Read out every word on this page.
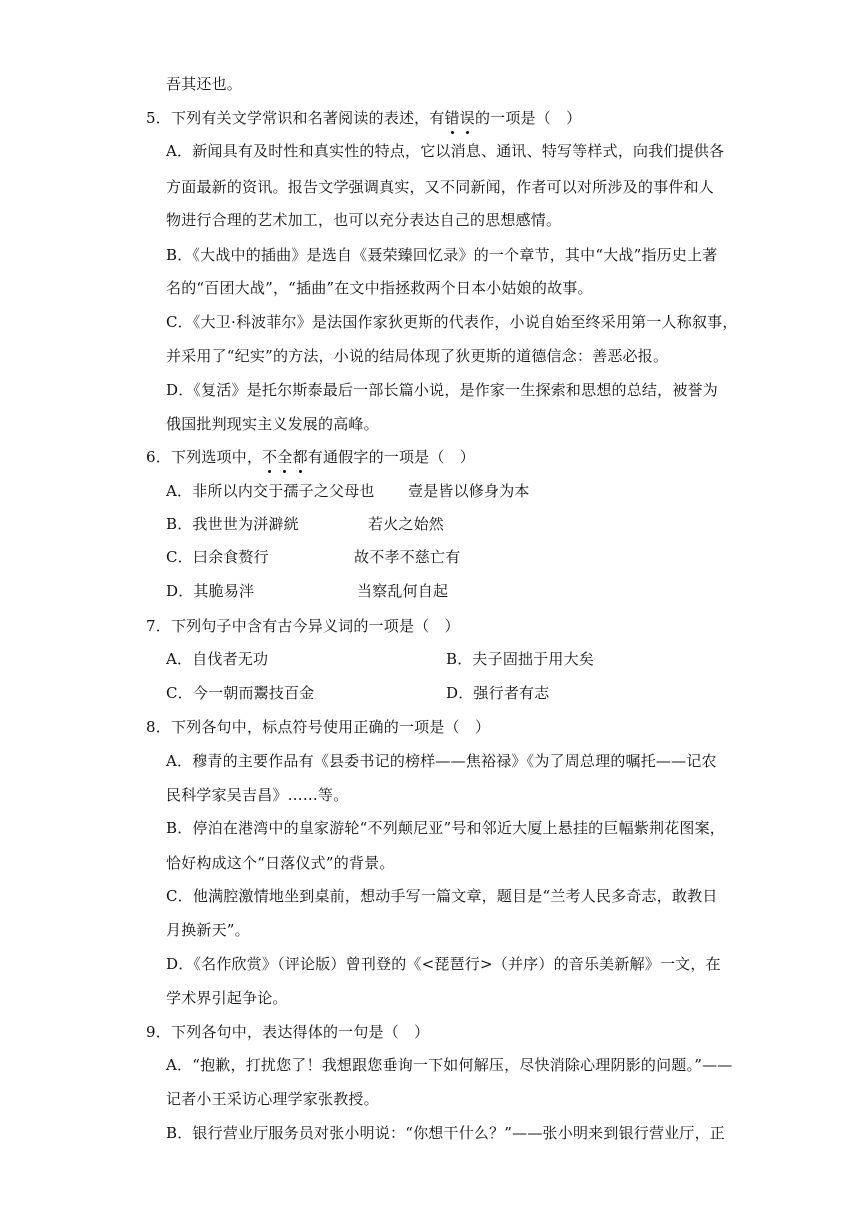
吾其还也。
5．下列有关文学常识和名著阅读的表述，有错误的一项是（　）
A．新闻具有及时性和真实性的特点，它以消息、通讯、特写等样式，向我们提供各
方面最新的资讯。报告文学强调真实，又不同新闻，作者可以对所涉及的事件和人
物进行合理的艺术加工，也可以充分表达自己的思想感情。
B．《大战中的插曲》是选自《聂荣臻回忆录》的一个章节，其中“大战”指历史上著
名的“百团大战”，“插曲”在文中指拯救两个日本小姑娘的故事。
C．《大卫·科波菲尔》是法国作家狄更斯的代表作，小说自始至终采用第一人称叙事，
并采用了“纪实”的方法，小说的结局体现了狄更斯的道德信念：善恶必报。
D．《复活》是托尔斯泰最后一部长篇小说，是作家一生探索和思想的总结，被誉为
俄国批判现实主义发展的高峰。
6．下列选项中，不全都有通假字的一项是（　）
A．非所以内交于孺子之父母也 壹是皆以修身为本
B．我世世为洴澼絖	若火之始然
C．曰余食赘行	故不孝不慈亡有
D．其脆易泮	当察乱何自起
7．下列句子中含有古今异义词的一项是（　）
A．自伐者无功	B．夫子固拙于用大矣
C．今一朝而鬻技百金	D．强行者有志
8．下列各句中，标点符号使用正确的一项是（　）
A．穆青的主要作品有《县委书记的榜样——焦裕禄》《为了周总理的嘱托——记农
民科学家吴吉昌》……等。
B．停泊在港湾中的皇家游轮“不列颠尼亚”号和邻近大厦上悬挂的巨幅紫荆花图案，
恰好构成这个“日落仪式”的背景。
C．他满腔激情地坐到桌前，想动手写一篇文章，题目是“兰考人民多奇志，敢教日
月换新天”。
D．《名作欣赏》（评论版）曾刊登的《<琵琶行>（并序）的音乐美新解》一文，在
学术界引起争论。
9．下列各句中，表达得体的一句是（　）
A．“抱歉，打扰您了！我想跟您垂询一下如何解压，尽快消除心理阴影的问题。”——
记者小王采访心理学家张教授。
B．银行营业厅服务员对张小明说：“你想干什么？”——张小明来到银行营业厅，正
